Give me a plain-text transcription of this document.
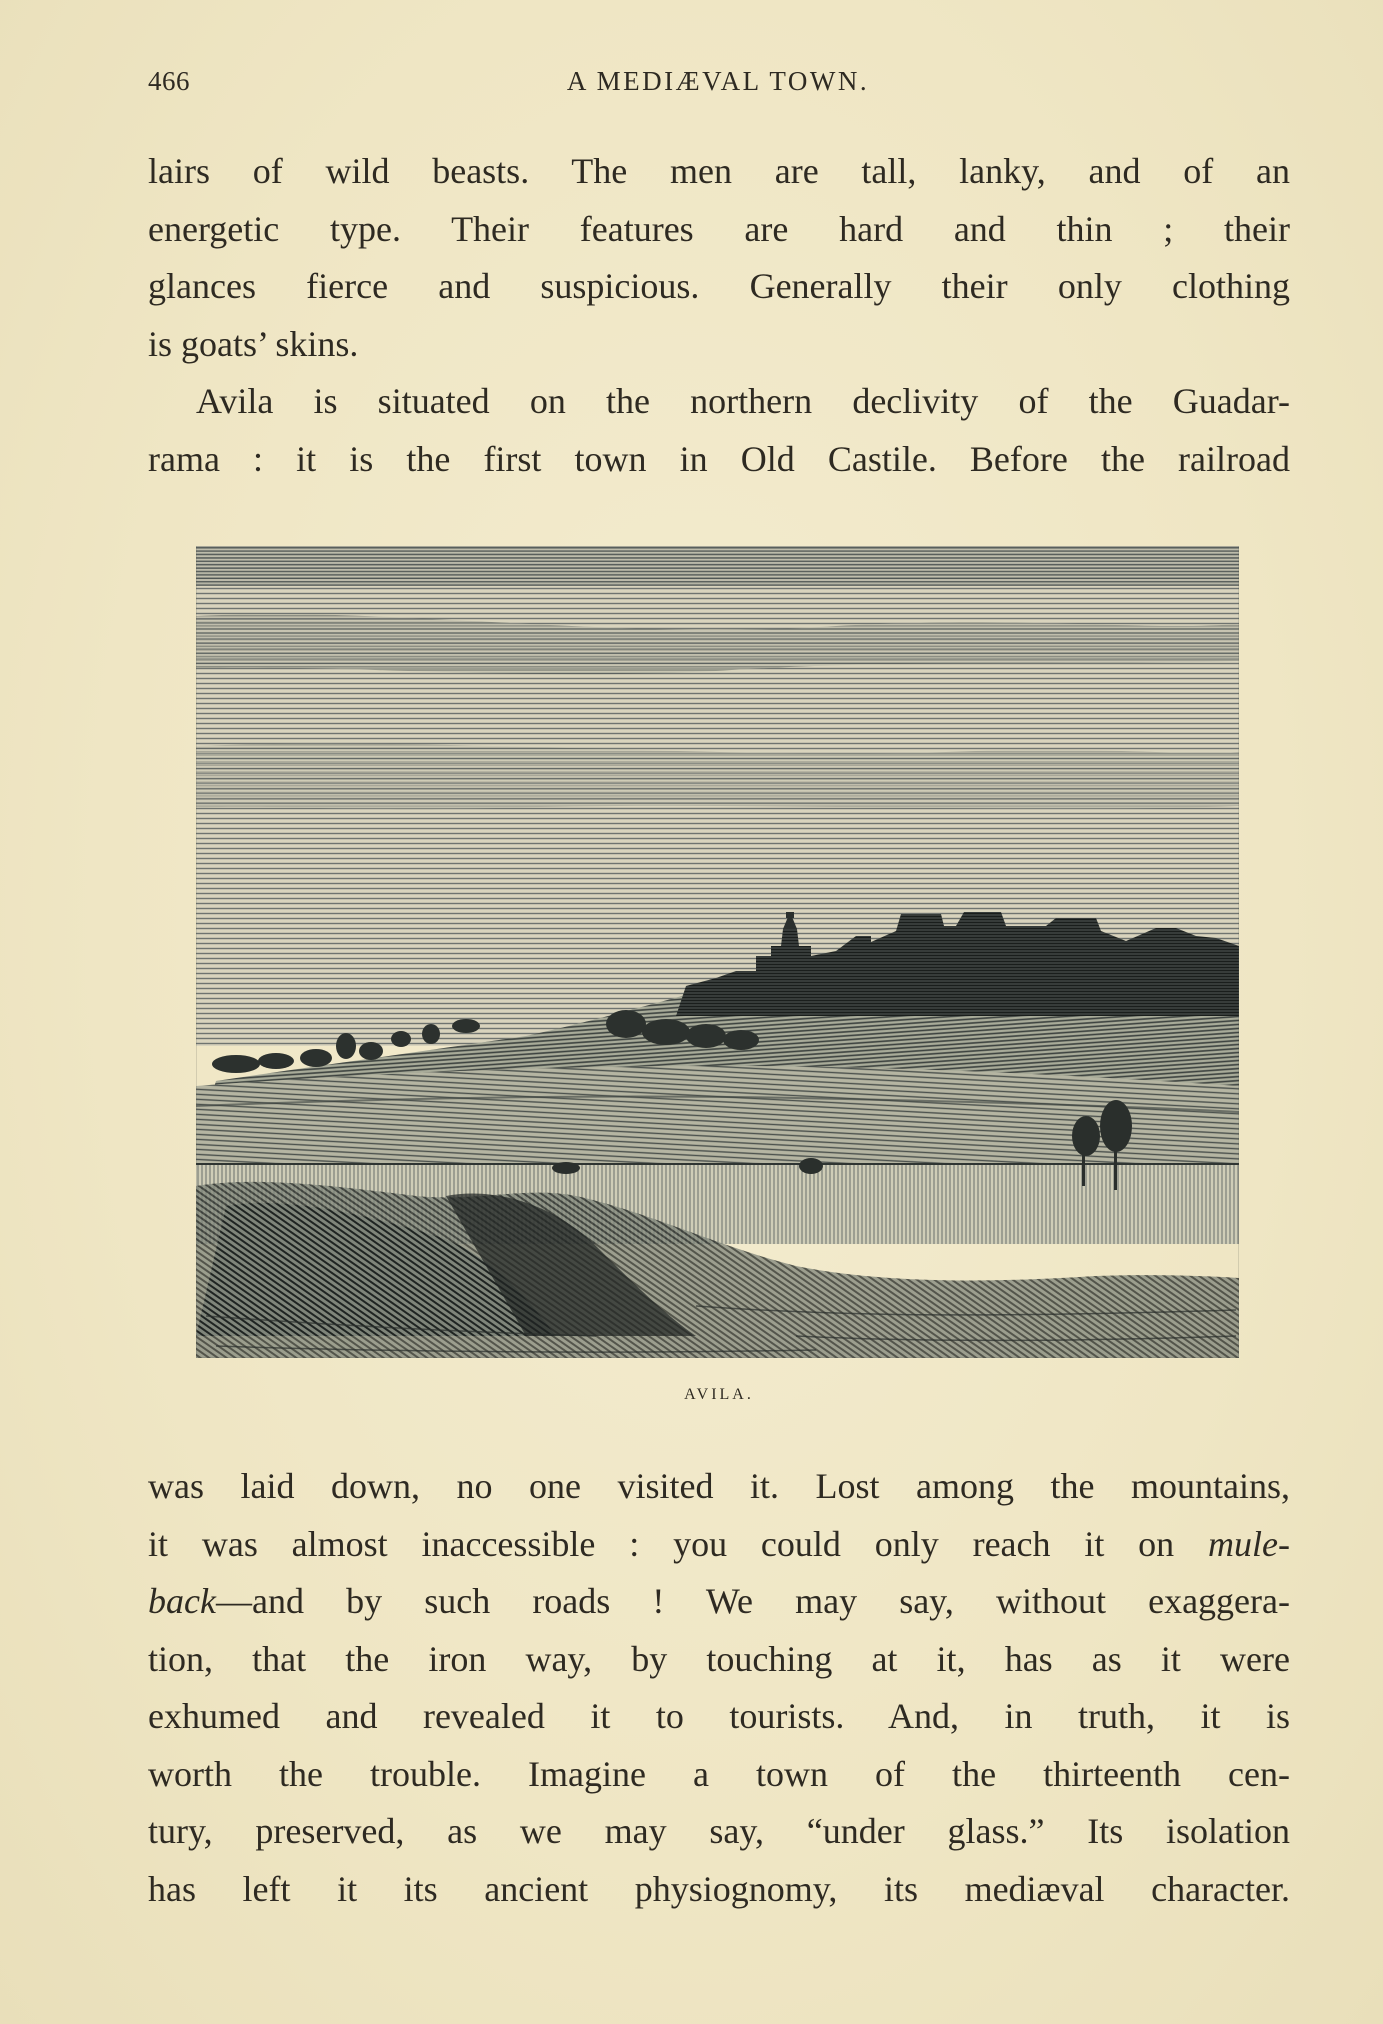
466	A MEDIÆVAL TOWN.
lairs of wild beasts. The men are tall, lanky, and of an
energetic type. Their features are hard and thin ; their
glances fierce and suspicious. Generally their only clothing
is goats’ skins.
Avila is situated on the northern declivity of the Guadar-
rama : it is the first town in Old Castile. Before the railroad
AVILA.
was laid down, no one visited it. Lost among the mountains,
it was almost inaccessible : you could only reach it on mule-
back—and by such roads ! We may say, without exaggera-
tion, that the iron way, by touching at it, has as it were
exhumed and revealed it to tourists. And, in truth, it is
worth the trouble. Imagine a town of the thirteenth cen-
tury, preserved, as we may say, “under glass.” Its isolation
has left it its ancient physiognomy, its mediæval character.
